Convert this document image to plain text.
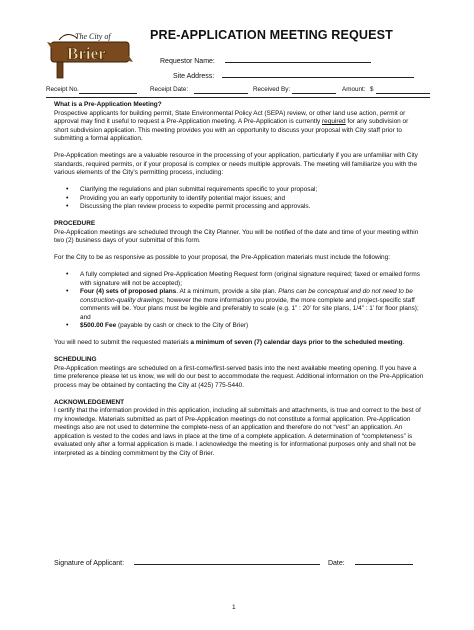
The City of
Brier
PRE-APPLICATION MEETING REQUEST
Requestor Name:
Site Address:
Receipt No.	Receipt Date:	Received By:	Amount: $

What is a Pre-Application Meeting?

Prospective applicants for building permit, State Environmental Policy Act (SEPA) review, or other land use action, permit or approval may find it useful to request a Pre-Application meeting. A Pre-Application is currently required for any subdivision or short subdivision application. This meeting provides you with an opportunity to discuss your proposal with City staff prior to submitting a formal application.

Pre-Application meetings are a valuable resource in the processing of your application, particularly if you are unfamiliar with City standards, required permits, or if your proposal is complex or needs multiple approvals. The meeting will familiarize you with the various elements of the City’s permitting process, including:

• Clarifying the regulations and plan submittal requirements specific to your proposal;
• Providing you an early opportunity to identify potential major issues; and
• Discussing the plan review process to expedite permit processing and approvals.

PROCEDURE

Pre-Application meetings are scheduled through the City Planner. You will be notified of the date and time of your meeting within two (2) business days of your submittal of this form.

For the City to be as responsive as possible to your proposal, the Pre-Application materials must include the following:

• A fully completed and signed Pre-Application Meeting Request form (original signature required; faxed or emailed forms with signature will not be accepted);
• Four (4) sets of proposed plans. At a minimum, provide a site plan. Plans can be conceptual and do not need to be construction-quality drawings; however the more information you provide, the more complete and project-specific staff comments will be. Your plans must be legible and preferably to scale (e.g. 1” : 20’ for site plans, 1/4” : 1’ for floor plans); and
• $500.00 Fee (payable by cash or check to the City of Brier)

You will need to submit the requested materials a minimum of seven (7) calendar days prior to the scheduled meeting.

SCHEDULING

Pre-Application meetings are scheduled on a first-come/first-served basis into the next available meeting opening. If you have a time preference please let us know, we will do our best to accommodate the request. Additional information on the Pre-Application process may be obtained by contacting the City at (425) 775-5440.

ACKNOWLEDGEMENT

I certify that the information provided in this application, including all submittals and attachments, is true and correct to the best of my knowledge. Materials submitted as part of Pre-Application meetings do not constitute a formal application. Pre-Application meetings also are not used to determine the complete-ness of an application and therefore do not “vest” an application. An application is vested to the codes and laws in place at the time of a complete application. A determination of “completeness” is evaluated only after a formal application is made. I acknowledge the meeting is for informational purposes only and shall not be interpreted as a binding commitment by the City of Brier.

Signature of Applicant:	Date:
1
